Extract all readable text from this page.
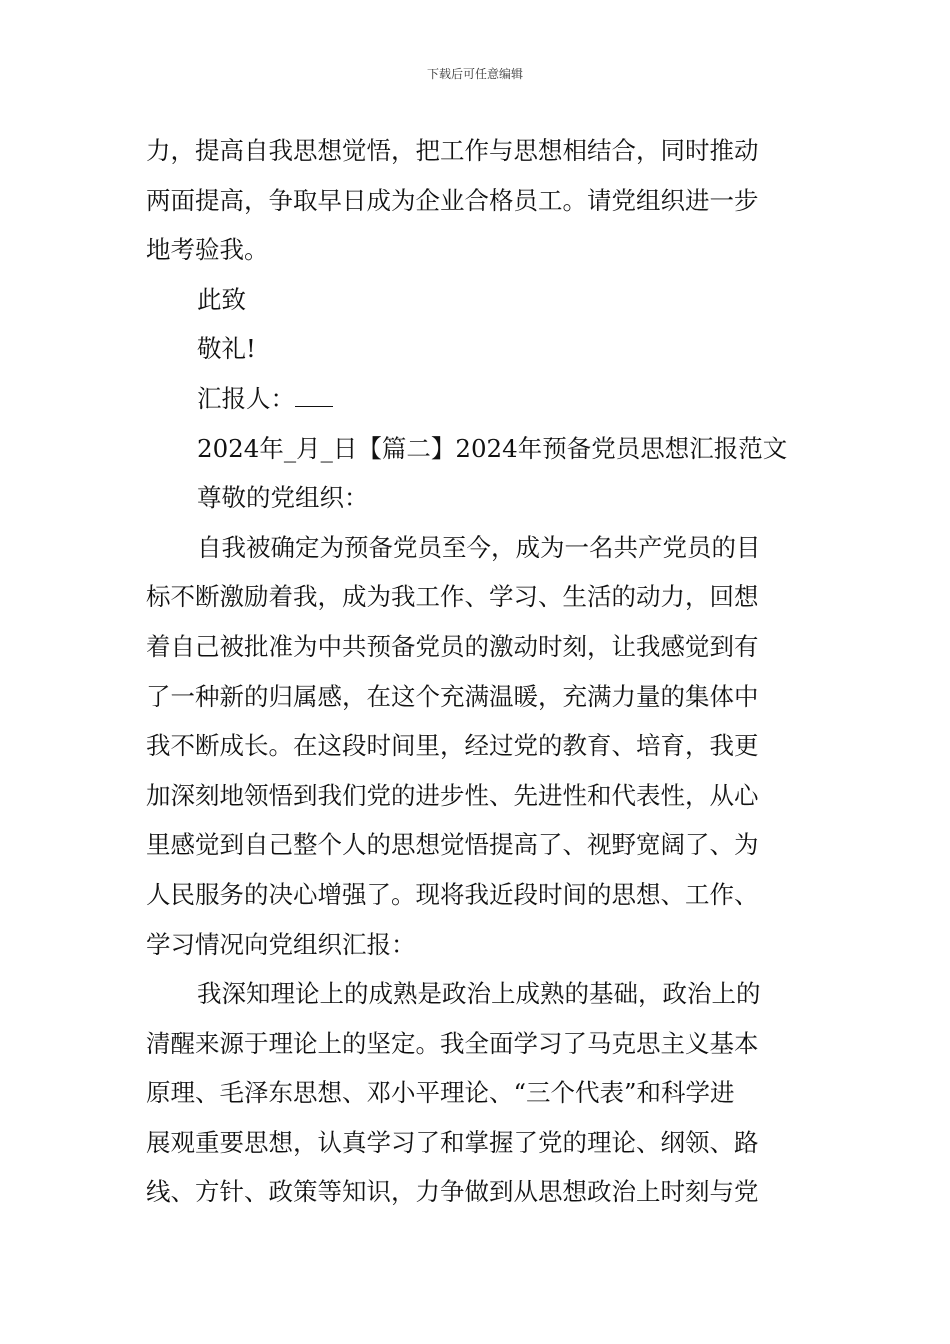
下载后可任意编辑

力，提高自我思想觉悟，把工作与思想相结合，同时推动

两面提高，争取早日成为企业合格员工。请党组织进一步

地考验我。

此致

敬礼!

汇报人：

2024年_月_日【篇二】2024年预备党员思想汇报范文

尊敬的党组织：

自我被确定为预备党员至今，成为一名共产党员的目

标不断激励着我，成为我工作、学习、生活的动力，回想

着自己被批准为中共预备党员的激动时刻，让我感觉到有

了一种新的归属感，在这个充满温暖，充满力量的集体中

我不断成长。在这段时间里，经过党的教育、培育，我更

加深刻地领悟到我们党的进步性、先进性和代表性，从心

里感觉到自己整个人的思想觉悟提高了、视野宽阔了、为

人民服务的决心增强了。现将我近段时间的思想、工作、

学习情况向党组织汇报：

我深知理论上的成熟是政治上成熟的基础，政治上的

清醒来源于理论上的坚定。我全面学习了马克思主义基本

原理、毛泽东思想、邓小平理论、“三个代表”和科学进

展观重要思想，认真学习了和掌握了党的理论、纲领、路

线、方针、政策等知识，力争做到从思想政治上时刻与党
